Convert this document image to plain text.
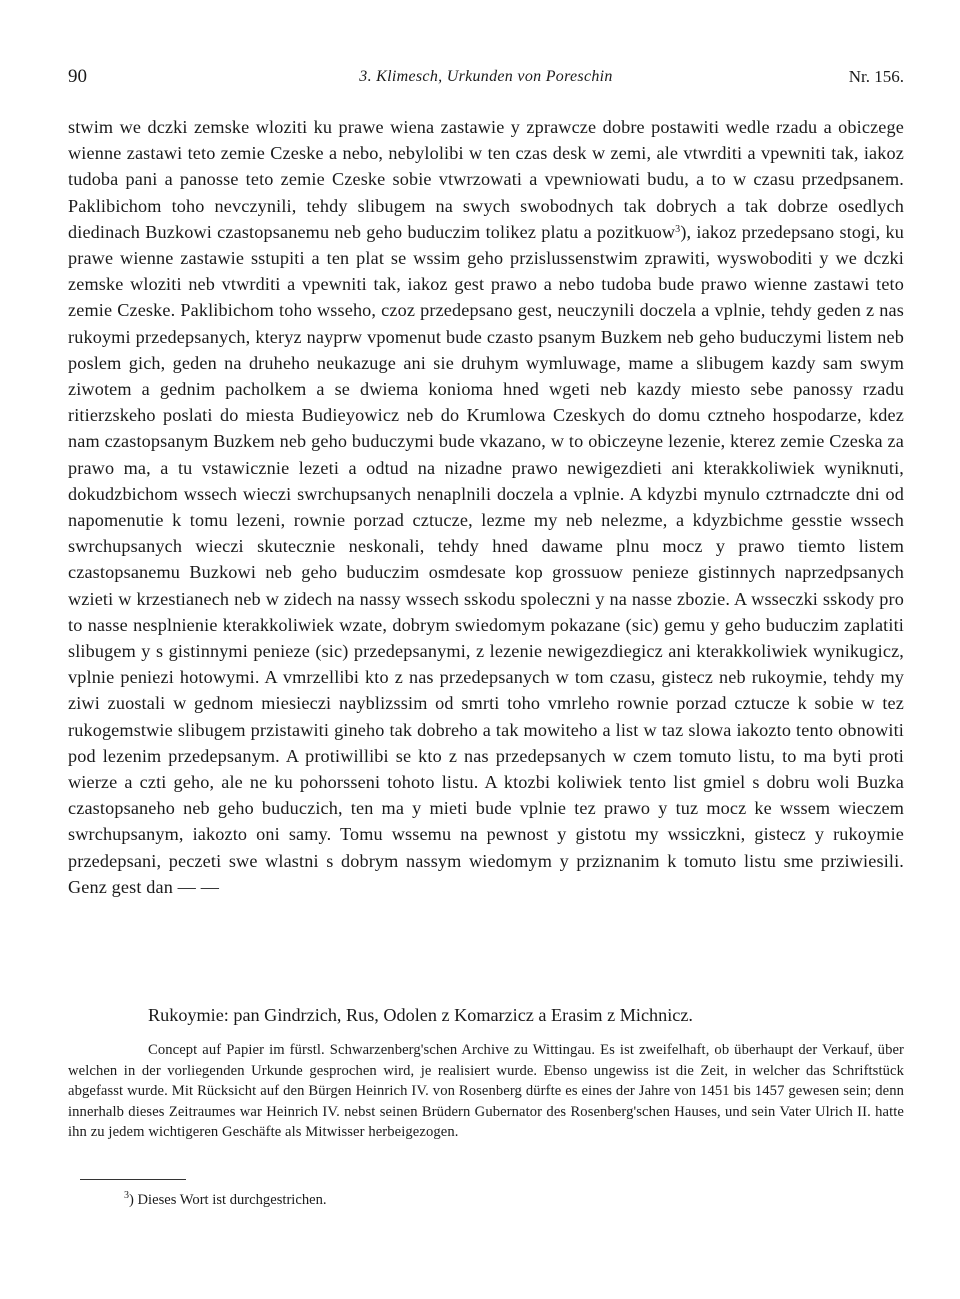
90	3. Klimesch, Urkunden von Poreschin	Nr. 156.

stwim we dczki zemske wloziti ku prawe wiena zastawie y zprawcze dobre postawiti wedle rzadu a obiczege wienne zastawi teto zemie Czeske a nebo, nebylolibi w ten czas desk w zemi, ale vtwrditi a vpewniti tak, iakoz tudoba pani a panosse teto zemie Czeske sobie vtwrzowati a vpewniowati budu, a to w czasu przedpsanem. Paklibichom toho nevczynili, tehdy slibugem na swych swobodnych tak dobrych a tak dobrze osedlych diedinach Buzkowi czastopsanemu neb geho buduczim tolikez platu a pozitkuow$^3$), iakoz przedepsano stogi, ku prawe wienne zastawie sstupiti a ten plat se wssim geho przislussenstwim zprawiti, wyswoboditi y we dczki zemske wloziti neb vtwrditi a vpewniti tak, iakoz gest prawo a nebo tudoba bude prawo wienne zastawi teto zemie Czeske. Paklibichom toho wsseho, czoz przedepsano gest, neuczynili doczela a vplnie, tehdy geden z nas rukoymi przedepsanych, kteryz nayprw vpomenut bude czasto psanym Buzkem neb geho buduczymi listem neb poslem gich, geden na druheho neukazuge ani sie druhym wymluwage, mame a slibugem kazdy sam swym ziwotem a gednim pacholkem a se dwiema konioma hned wgeti neb kazdy miesto sebe panossy rzadu ritierzskeho poslati do miesta Budieyowicz neb do Krumlowa Czeskych do domu cztneho hospodarze, kdez nam czastopsanym Buzkem neb geho buduczymi bude vkazano, w to obiczeyne lezenie, kterez zemie Czeska za prawo ma, a tu vstawicznie lezeti a odtud na nizadne prawo newigezdieti ani kterakkoliwiek wyniknuti, dokudzbichom wssech wieczi swrchupsanych nenaplnili doczela a vplnie. A kdyzbi mynulo cztrnadczte dni od napomenutie k tomu lezeni, rownie porzad cztucze, lezme my neb nelezme, a kdyzbichme gesstie wssech swrchupsanych wieczi skutecznie neskonali, tehdy hned dawame plnu mocz y prawo tiemto listem czastopsanemu Buzkowi neb geho buduczim osmdesate kop grossuow penieze gistinnych naprzedpsanych wzieti w krzestianech neb w zidech na nassy wssech sskodu spoleczni y na nasse zbozie. A wsseczki sskody pro to nasse nesplnienie kterakkoliwiek wzate, dobrym swiedomym pokazane (sic) gemu y geho buduczim zaplatiti slibugem y s gistinnymi penieze (sic) przedepsanymi, z lezenie newigezdiegicz ani kterakkoliwiek wynikugicz, vplnie peniezi hotowymi. A vmrzellibi kto z nas przedepsanych w tom czasu, gistecz neb rukoymie, tehdy my ziwi zuostali w gednom miesieczi nayblizssim od smrti toho vmrleho rownie porzad cztucze k sobie w tez rukogemstwie slibugem przistawiti gineho tak dobreho a tak mowiteho a list w taz slowa iakozto tento obnowiti pod lezenim przedepsanym. A protiwillibi se kto z nas przedepsanych w czem tomuto listu, to ma byti proti wierze a czti geho, ale ne ku pohorsseni tohoto listu. A ktozbi koliwiek tento list gmiel s dobru woli Buzka czastopsaneho neb geho buduczich, ten ma y mieti bude vplnie tez prawo y tuz mocz ke wssem wieczem swrchupsanym, iakozto oni samy. Tomu wssemu na pewnost y gistotu my wssiczkni, gistecz y rukoymie przedepsani, peczeti swe wlastni s dobrym nassym wiedomym y prziznanim k tomuto listu sme prziwiesili. Genz gest dan — —

Rukoymie: pan Gindrzich, Rus, Odolen z Komarzicz a Erasim z Michnicz.
Concept auf Papier im fürstl. Schwarzenberg'schen Archive zu Wittingau. Es ist zweifelhaft, ob überhaupt der Verkauf, über welchen in der vorliegenden Urkunde gesprochen wird, je realisiert wurde. Ebenso ungewiss ist die Zeit, in welcher das Schriftstück abgefasst wurde. Mit Rücksicht auf den Bürgen Heinrich IV. von Rosenberg dürfte es eines der Jahre von 1451 bis 1457 gewesen sein; denn innerhalb dieses Zeitraumes war Heinrich IV. nebst seinen Brüdern Gubernator des Rosenberg'schen Hauses, und sein Vater Ulrich II. hatte ihn zu jedem wichtigeren Geschäfte als Mitwisser herbeigezogen.
$^3$) Dieses Wort ist durchgestrichen.
